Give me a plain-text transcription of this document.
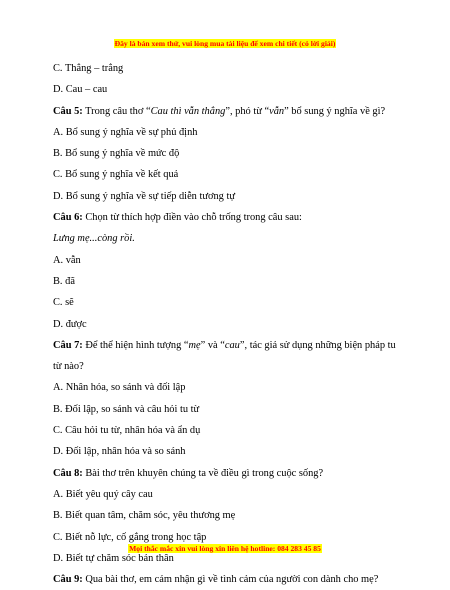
Đây là bản xem thử, vui lòng mua tài liệu để xem chi tiết (có lời giải)
C. Thẳng – trẳng
D. Cau – cau
Câu 5: Trong câu thơ “Cau thì vẫn thẳng”, phó từ “vẫn” bổ sung ý nghĩa về gì?
A. Bổ sung ý nghĩa về sự phủ định
B. Bổ sung ý nghĩa về mức độ
C. Bổ sung ý nghĩa về kết quả
D. Bổ sung ý nghĩa về sự tiếp diễn tương tự
Câu 6: Chọn từ thích hợp điền vào chỗ trống trong câu sau:
Lưng mẹ...còng rồi.
A. vẫn
B. đã
C. sẽ
D. được
Câu 7: Để thể hiện hình tượng “mẹ” và “cau”, tác giả sử dụng những biện pháp tu
từ nào?
A. Nhân hóa, so sánh và đối lập
B. Đối lập, so sánh và câu hỏi tu từ
C. Câu hỏi tu từ, nhân hóa và ẩn dụ
D. Đối lập, nhân hóa và so sánh
Câu 8: Bài thơ trên khuyên chúng ta về điều gì trong cuộc sống?
A. Biết yêu quý cây cau
B. Biết quan tâm, chăm sóc, yêu thương mẹ
C. Biết nỗ lực, cố gắng trong học tập
D. Biết tự chăm sóc bản thân
Câu 9: Qua bài thơ, em cảm nhận gì về tình cảm của người con dành cho mẹ?
Mọi thắc mắc xin vui lòng xin liên hệ hotline: 084 283 45 85
